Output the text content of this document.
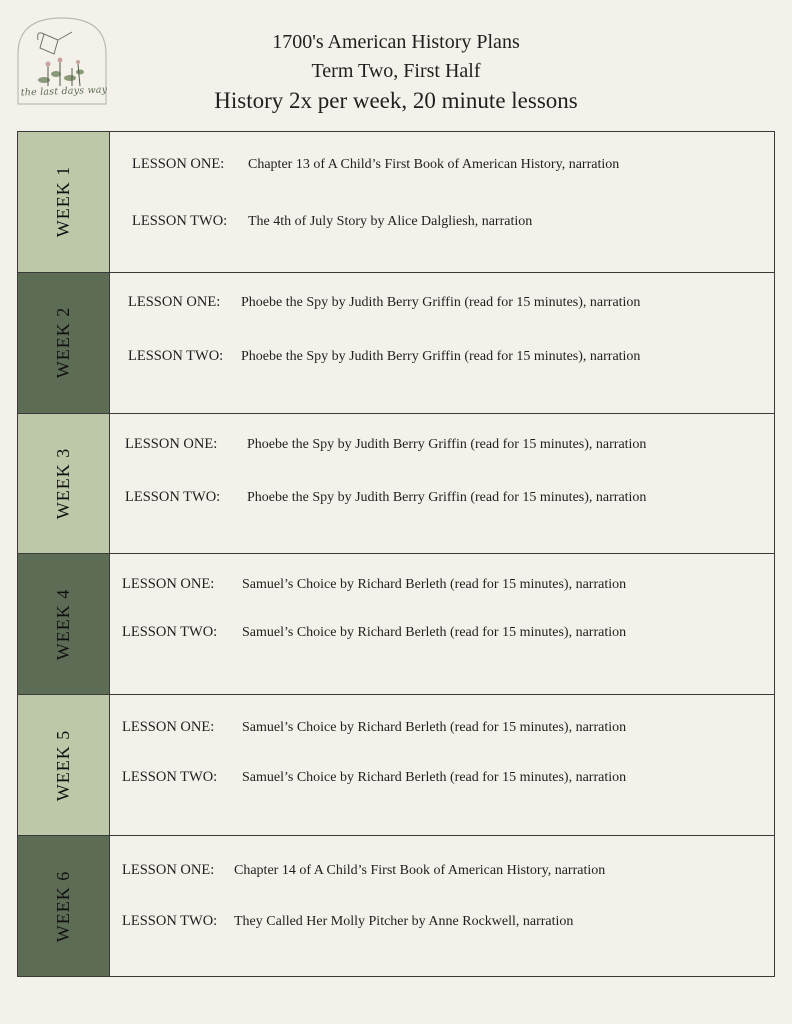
the last days way
1700's American History Plans
Term Two, First Half
History 2x per week, 20 minute lessons
WEEK 1
LESSON ONE: Chapter 13 of A Child’s First Book of American History, narration
LESSON TWO: The 4th of July Story by Alice Dalgliesh, narration
WEEK 2
LESSON ONE: Phoebe the Spy by Judith Berry Griffin (read for 15 minutes), narration
LESSON TWO: Phoebe the Spy by Judith Berry Griffin (read for 15 minutes), narration
WEEK 3
LESSON ONE: Phoebe the Spy by Judith Berry Griffin (read for 15 minutes), narration
LESSON TWO: Phoebe the Spy by Judith Berry Griffin (read for 15 minutes), narration
WEEK 4
LESSON ONE: Samuel’s Choice by Richard Berleth (read for 15 minutes), narration
LESSON TWO: Samuel’s Choice by Richard Berleth (read for 15 minutes), narration
WEEK 5
LESSON ONE: Samuel’s Choice by Richard Berleth (read for 15 minutes), narration
LESSON TWO: Samuel’s Choice by Richard Berleth (read for 15 minutes), narration
WEEK 6
LESSON ONE: Chapter 14 of A Child’s First Book of American History, narration
LESSON TWO: They Called Her Molly Pitcher by Anne Rockwell, narration
